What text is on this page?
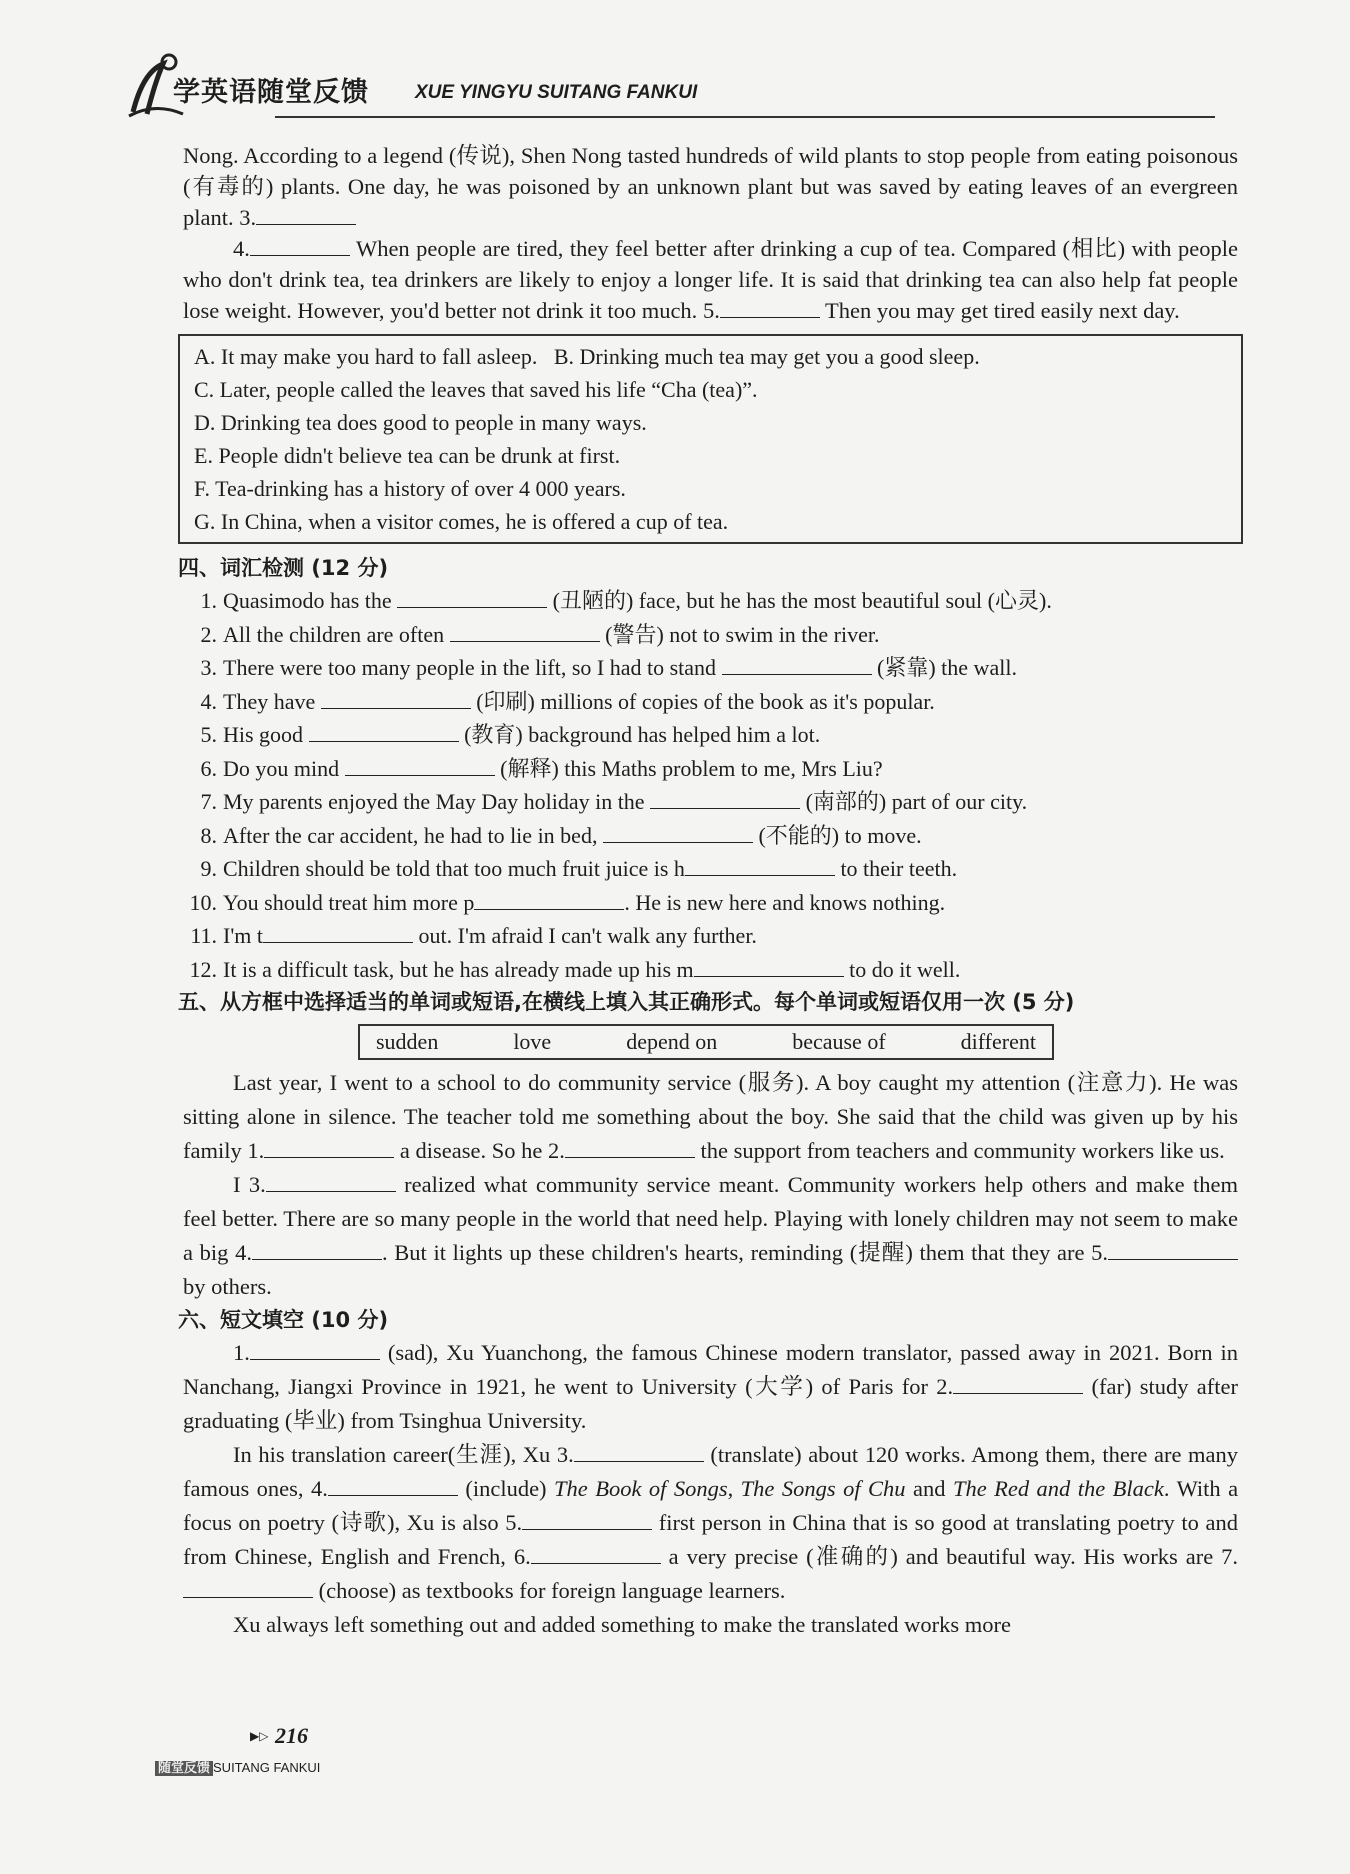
学英语随堂反馈 XUE YINGYU SUITANG FANKUI

Nong. According to a legend (传说), Shen Nong tasted hundreds of wild plants to stop people from eating poisonous (有毒的) plants. One day, he was poisoned by an unknown plant but was saved by eating leaves of an evergreen plant. 3.

4.	When people are tired, they feel better after drinking a cup of tea. Compared (相比) with people who don't drink tea, tea drinkers are likely to enjoy a longer life. It is said that drinking tea can also help fat people lose weight. However, you'd better not drink it too much. 5.	Then you may get tired easily next day.

A. It may make you hard to fall asleep. B. Drinking much tea may get you a good sleep.
C. Later, people called the leaves that saved his life “Cha (tea)”.
D. Drinking tea does good to people in many ways.
E. People didn't believe tea can be drunk at first.
F. Tea-drinking has a history of over 4 000 years.
G. In China, when a visitor comes, he is offered a cup of tea.
四、词汇检测 (12 分)
1. Quasimodo has the	(丑陋的) face, but he has the most beautiful soul (心灵).
2. All the children are often	(警告) not to swim in the river.
3. There were too many people in the lift, so I had to stand	(紧靠) the wall.
4. They have	(印刷) millions of copies of the book as it's popular.
5. His good	(教育) background has helped him a lot.
6. Do you mind	(解释) this Maths problem to me, Mrs Liu?
7. My parents enjoyed the May Day holiday in the	(南部的) part of our city.
8. After the car accident, he had to lie in bed,	(不能的) to move.
9. Children should be told that too much fruit juice is h	to their teeth.
10. You should treat him more p	. He is new here and knows nothing.
11. I'm t	out. I'm afraid I can't walk any further.
12. It is a difficult task, but he has already made up his m	to do it well.
五、从方框中选择适当的单词或短语,在横线上填入其正确形式。每个单词或短语仅用一次 (5 分)
sudden	love	depend on	because of	different

Last year, I went to a school to do community service (服务). A boy caught my attention (注意力). He was sitting alone in silence. The teacher told me something about the boy. She said that the child was given up by his family 1.	a disease. So he 2.	the support from teachers and community workers like us.

I 3.	realized what community service meant. Community workers help others and make them feel better. There are so many people in the world that need help. Playing with lonely children may not seem to make a big 4.	. But it lights up these children's hearts, reminding (提醒) them that they are 5. by others.

六、短文填空 (10 分)

1.	(sad), Xu Yuanchong, the famous Chinese modern translator, passed away in 2021. Born in Nanchang, Jiangxi Province in 1921, he went to University (大学) of Paris for 2.	(far) study after graduating (毕业) from Tsinghua University.

In his translation career(生涯), Xu 3.	(translate) about 120 works. Among them, there are many famous ones, 4.	(include) The Book of Songs, The Songs of Chu and The Red and the Black. With a focus on poetry (诗歌), Xu is also 5.	first person in China that is so good at translating poetry to and from Chinese, English and French, 6.	a very precise (准确的) and beautiful way. His works are 7. (choose) as textbooks for foreign language learners.

Xu always left something out and added something to make the translated works more

▶▷ 216
随堂反馈 SUITANG FANKUI
